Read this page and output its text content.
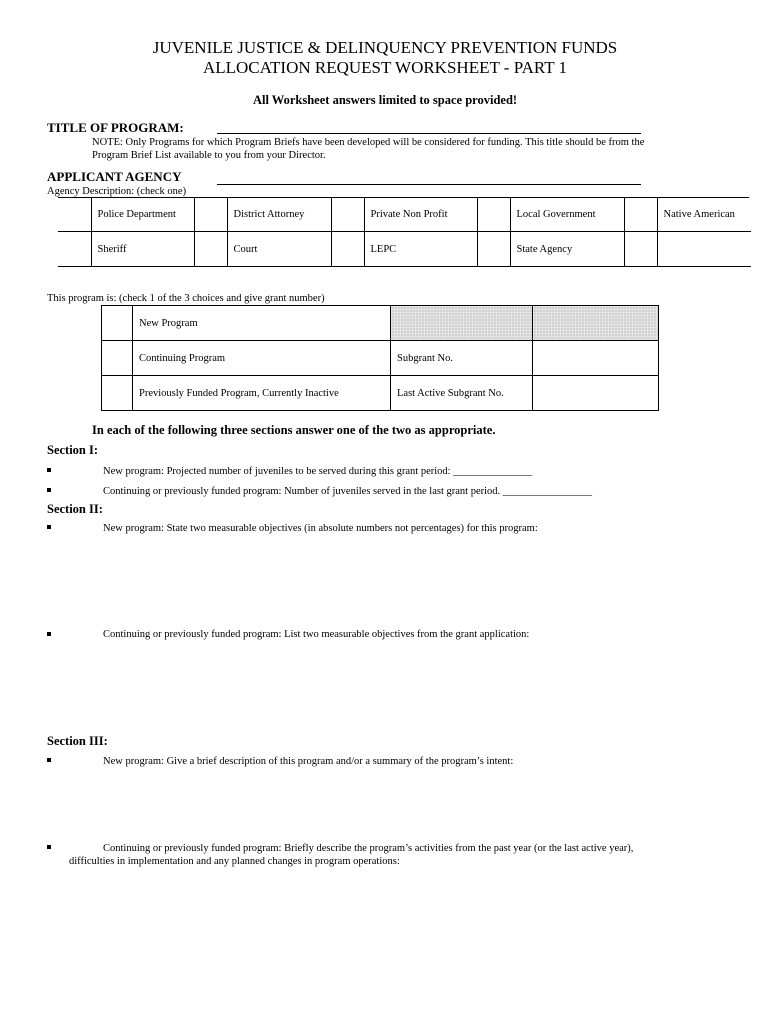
JUVENILE JUSTICE & DELINQUENCY PREVENTION FUNDS
ALLOCATION REQUEST WORKSHEET - PART 1
All Worksheet answers limited to space provided!
TITLE OF PROGRAM:
NOTE: Only Programs for which Program Briefs have been developed will be considered for funding. This title should be from the
Program Brief List available to you from your Director.
APPLICANT AGENCY
Agency Description: (check one)
	Police Department		District Attorney		Private Non Profit		Local Government		Native American
	Sheriff		Court		LEPC		State Agency		
This program is: (check 1 of the 3 choices and give grant number)
	New Program		
	Continuing Program	Subgrant No.	
	Previously Funded Program, Currently Inactive	Last Active Subgrant No.	
In each of the following three sections answer one of the two as appropriate.
Section I:
New program: Projected number of juveniles to be served during this grant period: _______________
Continuing or previously funded program: Number of juveniles served in the last grant period. _________________
Section II:
New program: State two measurable objectives (in absolute numbers not percentages) for this program:
Continuing or previously funded program: List two measurable objectives from the grant application:
Section III:
New program: Give a brief description of this program and/or a summary of the program’s intent:
Continuing or previously funded program: Briefly describe the program’s activities from the past year (or the last active year),
difficulties in implementation and any planned changes in program operations:
